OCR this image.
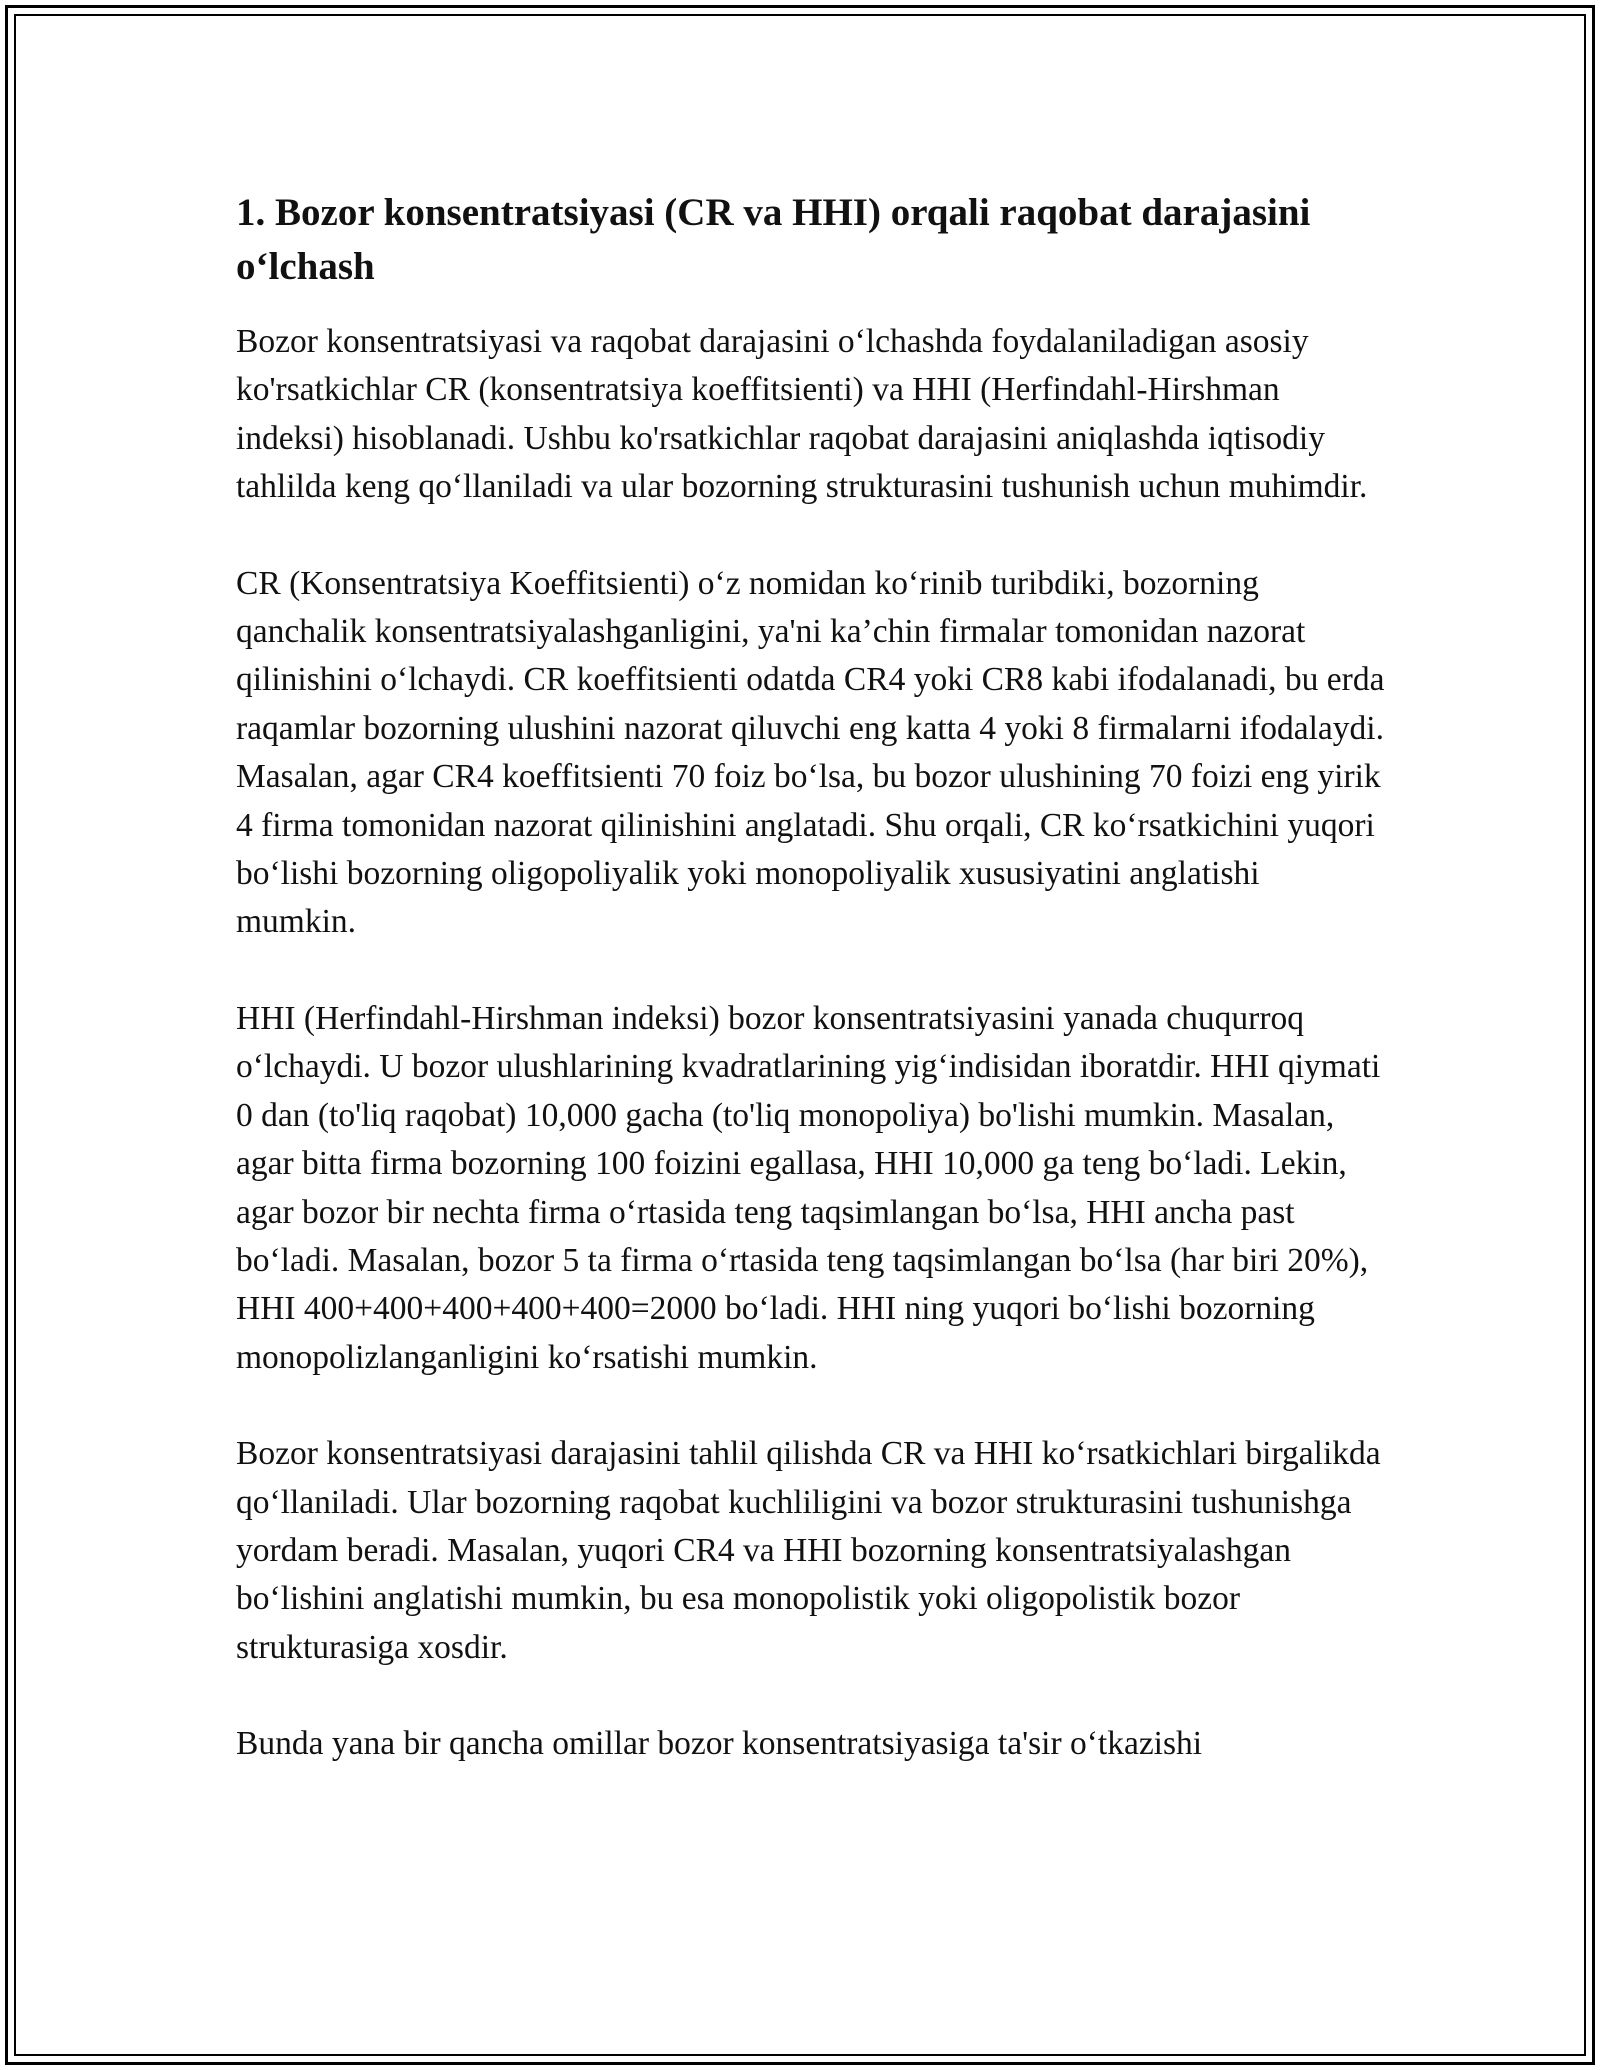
1. Bozor konsentratsiyasi (CR va HHI) orqali raqobat darajasini o‘lchash

Bozor konsentratsiyasi va raqobat darajasini o‘lchashda foydalaniladigan asosiy ko'rsatkichlar CR (konsentratsiya koeffitsienti) va HHI (Herfindahl-Hirshman indeksi) hisoblanadi. Ushbu ko'rsatkichlar raqobat darajasini aniqlashda iqtisodiy tahlilda keng qo‘llaniladi va ular bozorning strukturasini tushunish uchun muhimdir.

CR (Konsentratsiya Koeffitsienti) o‘z nomidan ko‘rinib turibdiki, bozorning qanchalik konsentratsiyalashganligini, ya'ni ka’chin firmalar tomonidan nazorat qilinishini o‘lchaydi. CR koeffitsienti odatda CR4 yoki CR8 kabi ifodalanadi, bu erda raqamlar bozorning ulushini nazorat qiluvchi eng katta 4 yoki 8 firmalarni ifodalaydi. Masalan, agar CR4 koeffitsienti 70 foiz bo‘lsa, bu bozor ulushining 70 foizi eng yirik 4 firma tomonidan nazorat qilinishini anglatadi. Shu orqali, CR ko‘rsatkichini yuqori bo‘lishi bozorning oligopoliyalik yoki monopoliyalik xususiyatini anglatishi mumkin.

HHI (Herfindahl-Hirshman indeksi) bozor konsentratsiyasini yanada chuqurroq o‘lchaydi. U bozor ulushlarining kvadratlarining yig‘indisidan iboratdir. HHI qiymati 0 dan (to'liq raqobat) 10,000 gacha (to'liq monopoliya) bo'lishi mumkin. Masalan, agar bitta firma bozorning 100 foizini egallasa, HHI 10,000 ga teng bo‘ladi. Lekin, agar bozor bir nechta firma o‘rtasida teng taqsimlangan bo‘lsa, HHI ancha past bo‘ladi. Masalan, bozor 5 ta firma o‘rtasida teng taqsimlangan bo‘lsa (har biri 20%), HHI 400+400+400+400+400=2000 bo‘ladi. HHI ning yuqori bo‘lishi bozorning monopolizlanganligini ko‘rsatishi mumkin.

Bozor konsentratsiyasi darajasini tahlil qilishda CR va HHI ko‘rsatkichlari birgalikda qo‘llaniladi. Ular bozorning raqobat kuchliligini va bozor strukturasini tushunishga yordam beradi. Masalan, yuqori CR4 va HHI bozorning konsentratsiyalashgan bo‘lishini anglatishi mumkin, bu esa monopolistik yoki oligopolistik bozor strukturasiga xosdir.

Bunda yana bir qancha omillar bozor konsentratsiyasiga ta'sir o‘tkazishi
